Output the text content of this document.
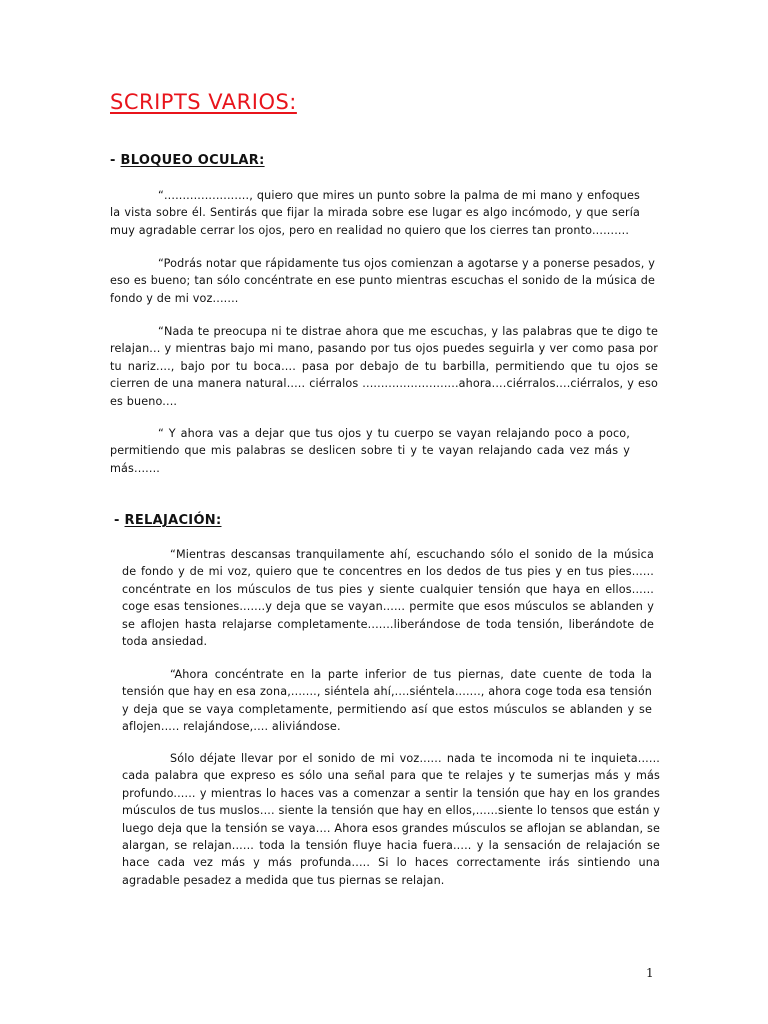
SCRIPTS VARIOS:
- BLOQUEO OCULAR:

“......................., quiero que mires un punto sobre la palma de mi mano y enfoques la vista sobre él. Sentirás que fijar la mirada sobre ese lugar es algo incómodo, y que sería muy agradable cerrar los ojos, pero en realidad no quiero que los cierres tan pronto..........

“Podrás notar que rápidamente tus ojos comienzan a agotarse y a ponerse pesados, y eso es bueno; tan sólo concéntrate en ese punto mientras escuchas el sonido de la música de fondo y de mi voz.......

“Nada te preocupa ni te distrae ahora que me escuchas, y las palabras que te digo te relajan... y mientras bajo mi mano, pasando por tus ojos puedes seguirla y ver como pasa por tu nariz...., bajo por tu boca.... pasa por debajo de tu barbilla, permitiendo que tu ojos se cierren de una manera natural..... ciérralos ..........................ahora....ciérralos....ciérralos, y eso es bueno....

“ Y ahora vas a dejar que tus ojos y tu cuerpo se vayan relajando poco a poco, permitiendo que mis palabras se deslicen sobre ti y te vayan relajando cada vez más y más.......

- RELAJACIÓN:

“Mientras descansas tranquilamente ahí, escuchando sólo el sonido de la música de fondo y de mi voz, quiero que te concentres en los dedos de tus pies y en tus pies...... concéntrate en los músculos de tus pies y siente cualquier tensión que haya en ellos...... coge esas tensiones.......y deja que se vayan...... permite que esos músculos se ablanden y se aflojen hasta relajarse completamente.......liberándose de toda tensión, liberándote de toda ansiedad.

“Ahora concéntrate en la parte inferior de tus piernas, date cuente de toda la tensión que hay en esa zona,......., siéntela ahí,....siéntela......., ahora coge toda esa tensión y deja que se vaya completamente, permitiendo así que estos músculos se ablanden y se aflojen..... relajándose,.... aliviándose.

Sólo déjate llevar por el sonido de mi voz...... nada te incomoda ni te inquieta...... cada palabra que expreso es sólo una señal para que te relajes y te sumerjas más y más profundo...... y mientras lo haces vas a comenzar a sentir la tensión que hay en los grandes músculos de tus muslos.... siente la tensión que hay en ellos,......siente lo tensos que están y luego deja que la tensión se vaya.... Ahora esos grandes músculos se aflojan se ablandan, se alargan, se relajan...... toda la tensión fluye hacia fuera..... y la sensación de relajación se hace cada vez más y más profunda..... Si lo haces correctamente irás sintiendo una agradable pesadez a medida que tus piernas se relajan.

1
